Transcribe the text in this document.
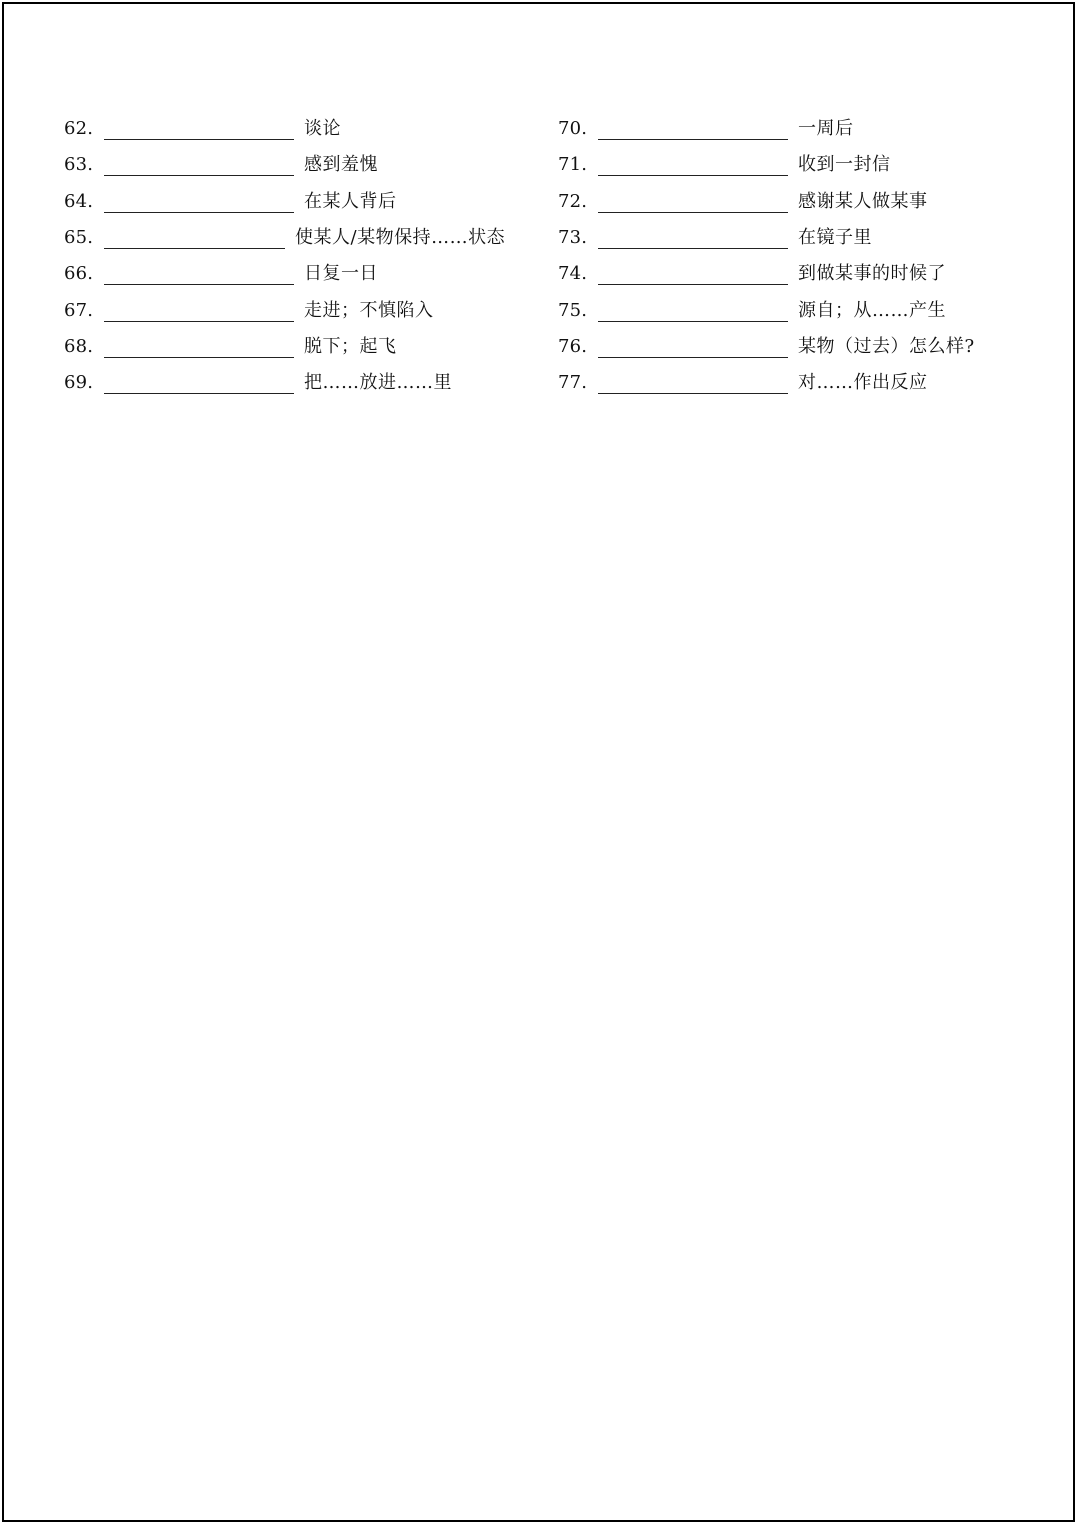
62.	谈论
63.	感到羞愧
64.	在某人背后
65.	使某人/某物保持……状态
66.	日复一日
67.	走进；不慎陷入
68.	脱下；起飞
69.	把……放进……里
70.	一周后
71.	收到一封信
72.	感谢某人做某事
73.	在镜子里
74.	到做某事的时候了
75.	源自；从……产生
76.	某物（过去）怎么样?
77.	对……作出反应
